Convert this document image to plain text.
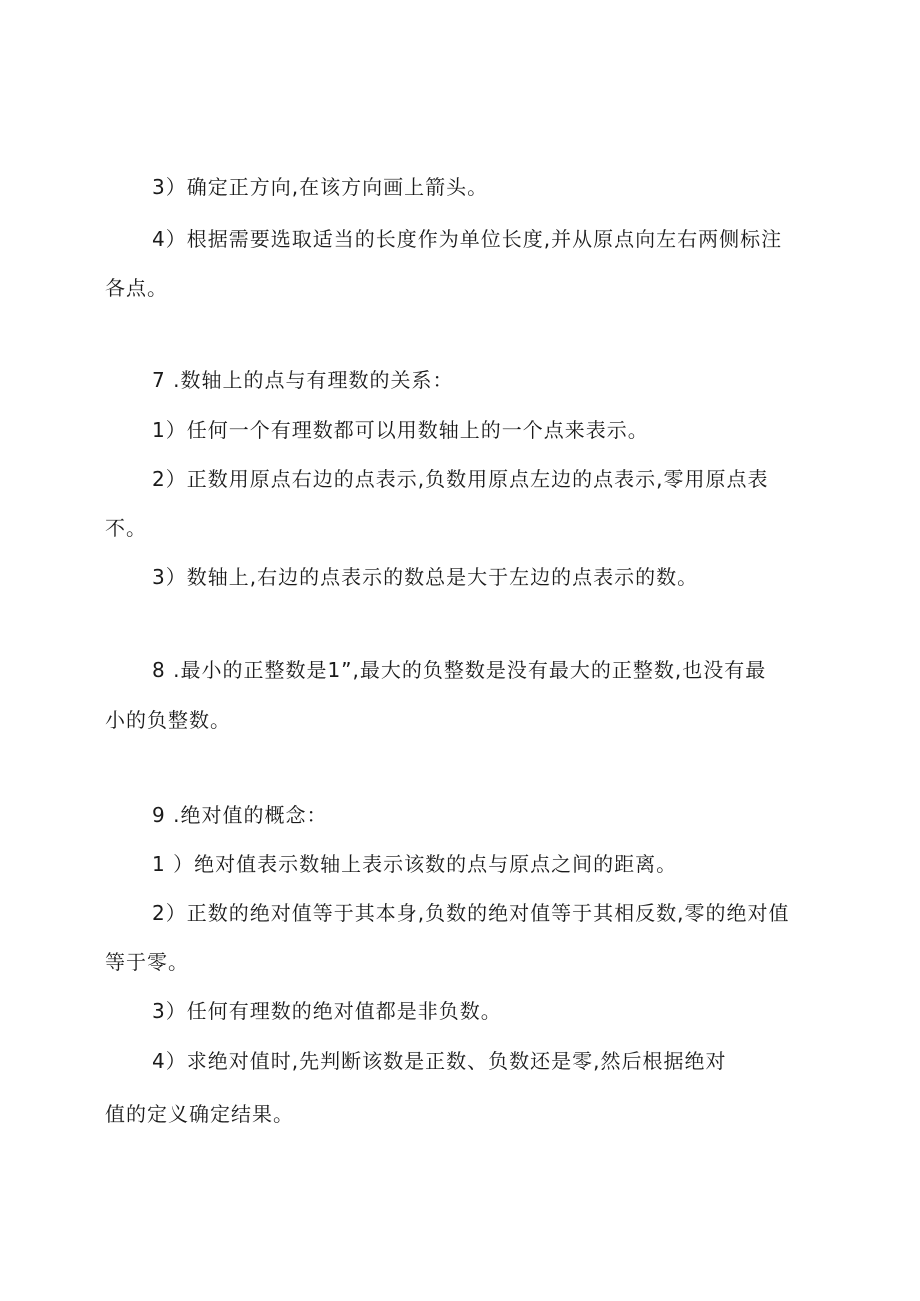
3）确定正方向,在该方向画上箭头。
4）根据需要选取适当的长度作为单位长度,并从原点向左右两侧标注
各点。
7 .数轴上的点与有理数的关系：
1）任何一个有理数都可以用数轴上的一个点来表示。
2）正数用原点右边的点表示,负数用原点左边的点表示,零用原点表
不。
3）数轴上,右边的点表示的数总是大于左边的点表示的数。
8 .最小的正整数是1”,最大的负整数是没有最大的正整数,也没有最
小的负整数。
9 .绝对值的概念：
1 ）绝对值表示数轴上表示该数的点与原点之间的距离。
2）正数的绝对值等于其本身,负数的绝对值等于其相反数,零的绝对值
等于零。
3）任何有理数的绝对值都是非负数。
4）求绝对值时,先判断该数是正数、负数还是零,然后根据绝对
值的定义确定结果。
